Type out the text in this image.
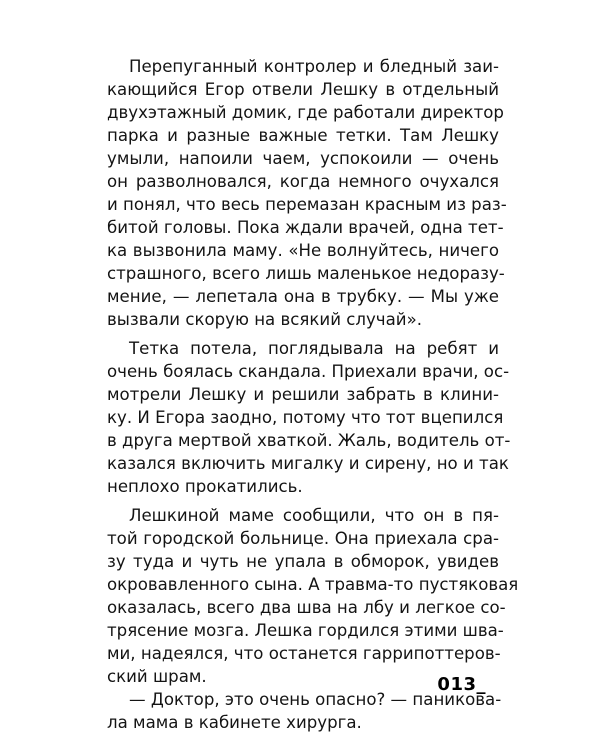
Перепуганный контролер и бледный заи-
кающийся Егор отвели Лешку в отдельный
двухэтажный домик, где работали директор
парка и разные важные тетки. Там Лешку
умыли, напоили чаем, успокоили — очень
он разволновался, когда немного очухался
и понял, что весь перемазан красным из раз-
битой головы. Пока ждали врачей, одна тет-
ка вызвонила маму. «Не волнуйтесь, ничего
страшного, всего лишь маленькое недоразу-
мение, — лепетала она в трубку. — Мы уже
вызвали скорую на всякий случай».
Тетка потела, поглядывала на ребят и
очень боялась скандала. Приехали врачи, ос-
мотрели Лешку и решили забрать в клини-
ку. И Егора заодно, потому что тот вцепился
в друга мертвой хваткой. Жаль, водитель от-
казался включить мигалку и сирену, но и так
неплохо прокатились.
Лешкиной маме сообщили, что он в пя-
той городской больнице. Она приехала сра-
зу туда и чуть не упала в обморок, увидев
окровавленного сына. А травма-то пустяковая
оказалась, всего два шва на лбу и легкое со-
трясение мозга. Лешка гордился этими шва-
ми, надеялся, что останется гаррипоттеров-
ский шрам.
— Доктор, это очень опасно? — паникова-
ла мама в кабинете хирурга.
013_
